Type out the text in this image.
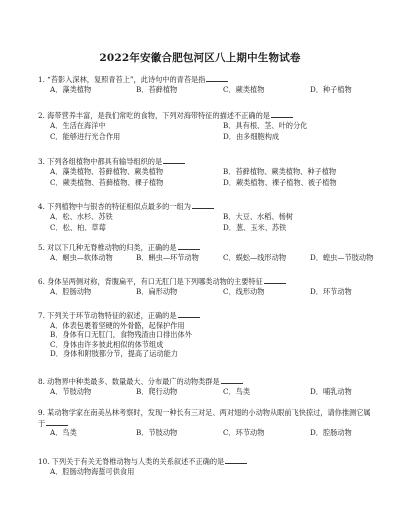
2022年安徽合肥包河区八上期中生物试卷
1. “苔影入深林，复照青苔上”，此诗句中的青苔是指
A．藻类植物	B．苔藓植物	C．蕨类植物	D．种子植物
2. 海带营养丰富，是我们常吃的食物，下列对海带特征的描述不正确的是
A．生活在海洋中	B．具有根、茎、叶的分化
C．能够进行光合作用	D．由多细胞构成
3. 下列各组植物中都具有输导组织的是
A．藻类植物、苔藓植物、蕨类植物	B．苔藓植物、蕨类植物、种子植物
C．蕨类植物、苔藓植物、裸子植物	D．蕨类植物、裸子植物、被子植物
4. 下列植物中与银杏的特征相似点最多的一组为
A．松、水杉、苏铁	B．大豆、水稻、杨树
C．松、柏、草莓	D．葱、玉米、苏铁
5. 对以下几种无脊椎动物的归类，正确的是
A．蛔虫—软体动物	B．蝌虫—环节动物	C．蜈蚣—线形动物	D．蝗虫—节肢动物
6. 身体呈两侧对称，背腹扁平，有口无肛门是下列哪类动物的主要特征
A．腔肠动物	B．扁形动物	C．线形动物	D．环节动物
7. 下列关于环节动物特征的叙述，正确的是
A．体表包裹着坚硬的外骨骼，起保护作用
B．身体有口无肛门，食物残渣由口排出体外
C．身体由许多彼此相似的体节组成
D．身体和附肢都分节，提高了运动能力
8. 动物界中种类最多、数量最大、分布最广的动物类群是
A．节肢动物	B．爬行动物	C．鸟类	D．哺乳动物
9. 某动物学家在南美丛林考察时，发现一种长有三对足、两对翅的小动物从眼前飞快掠过，请你推测它属于
A．鸟类	B．节肢动物	C．环节动物	D．腔肠动物
10. 下列关于有关无脊椎动物与人类的关系叙述不正确的是
A．腔肠动物海蜇可供食用
